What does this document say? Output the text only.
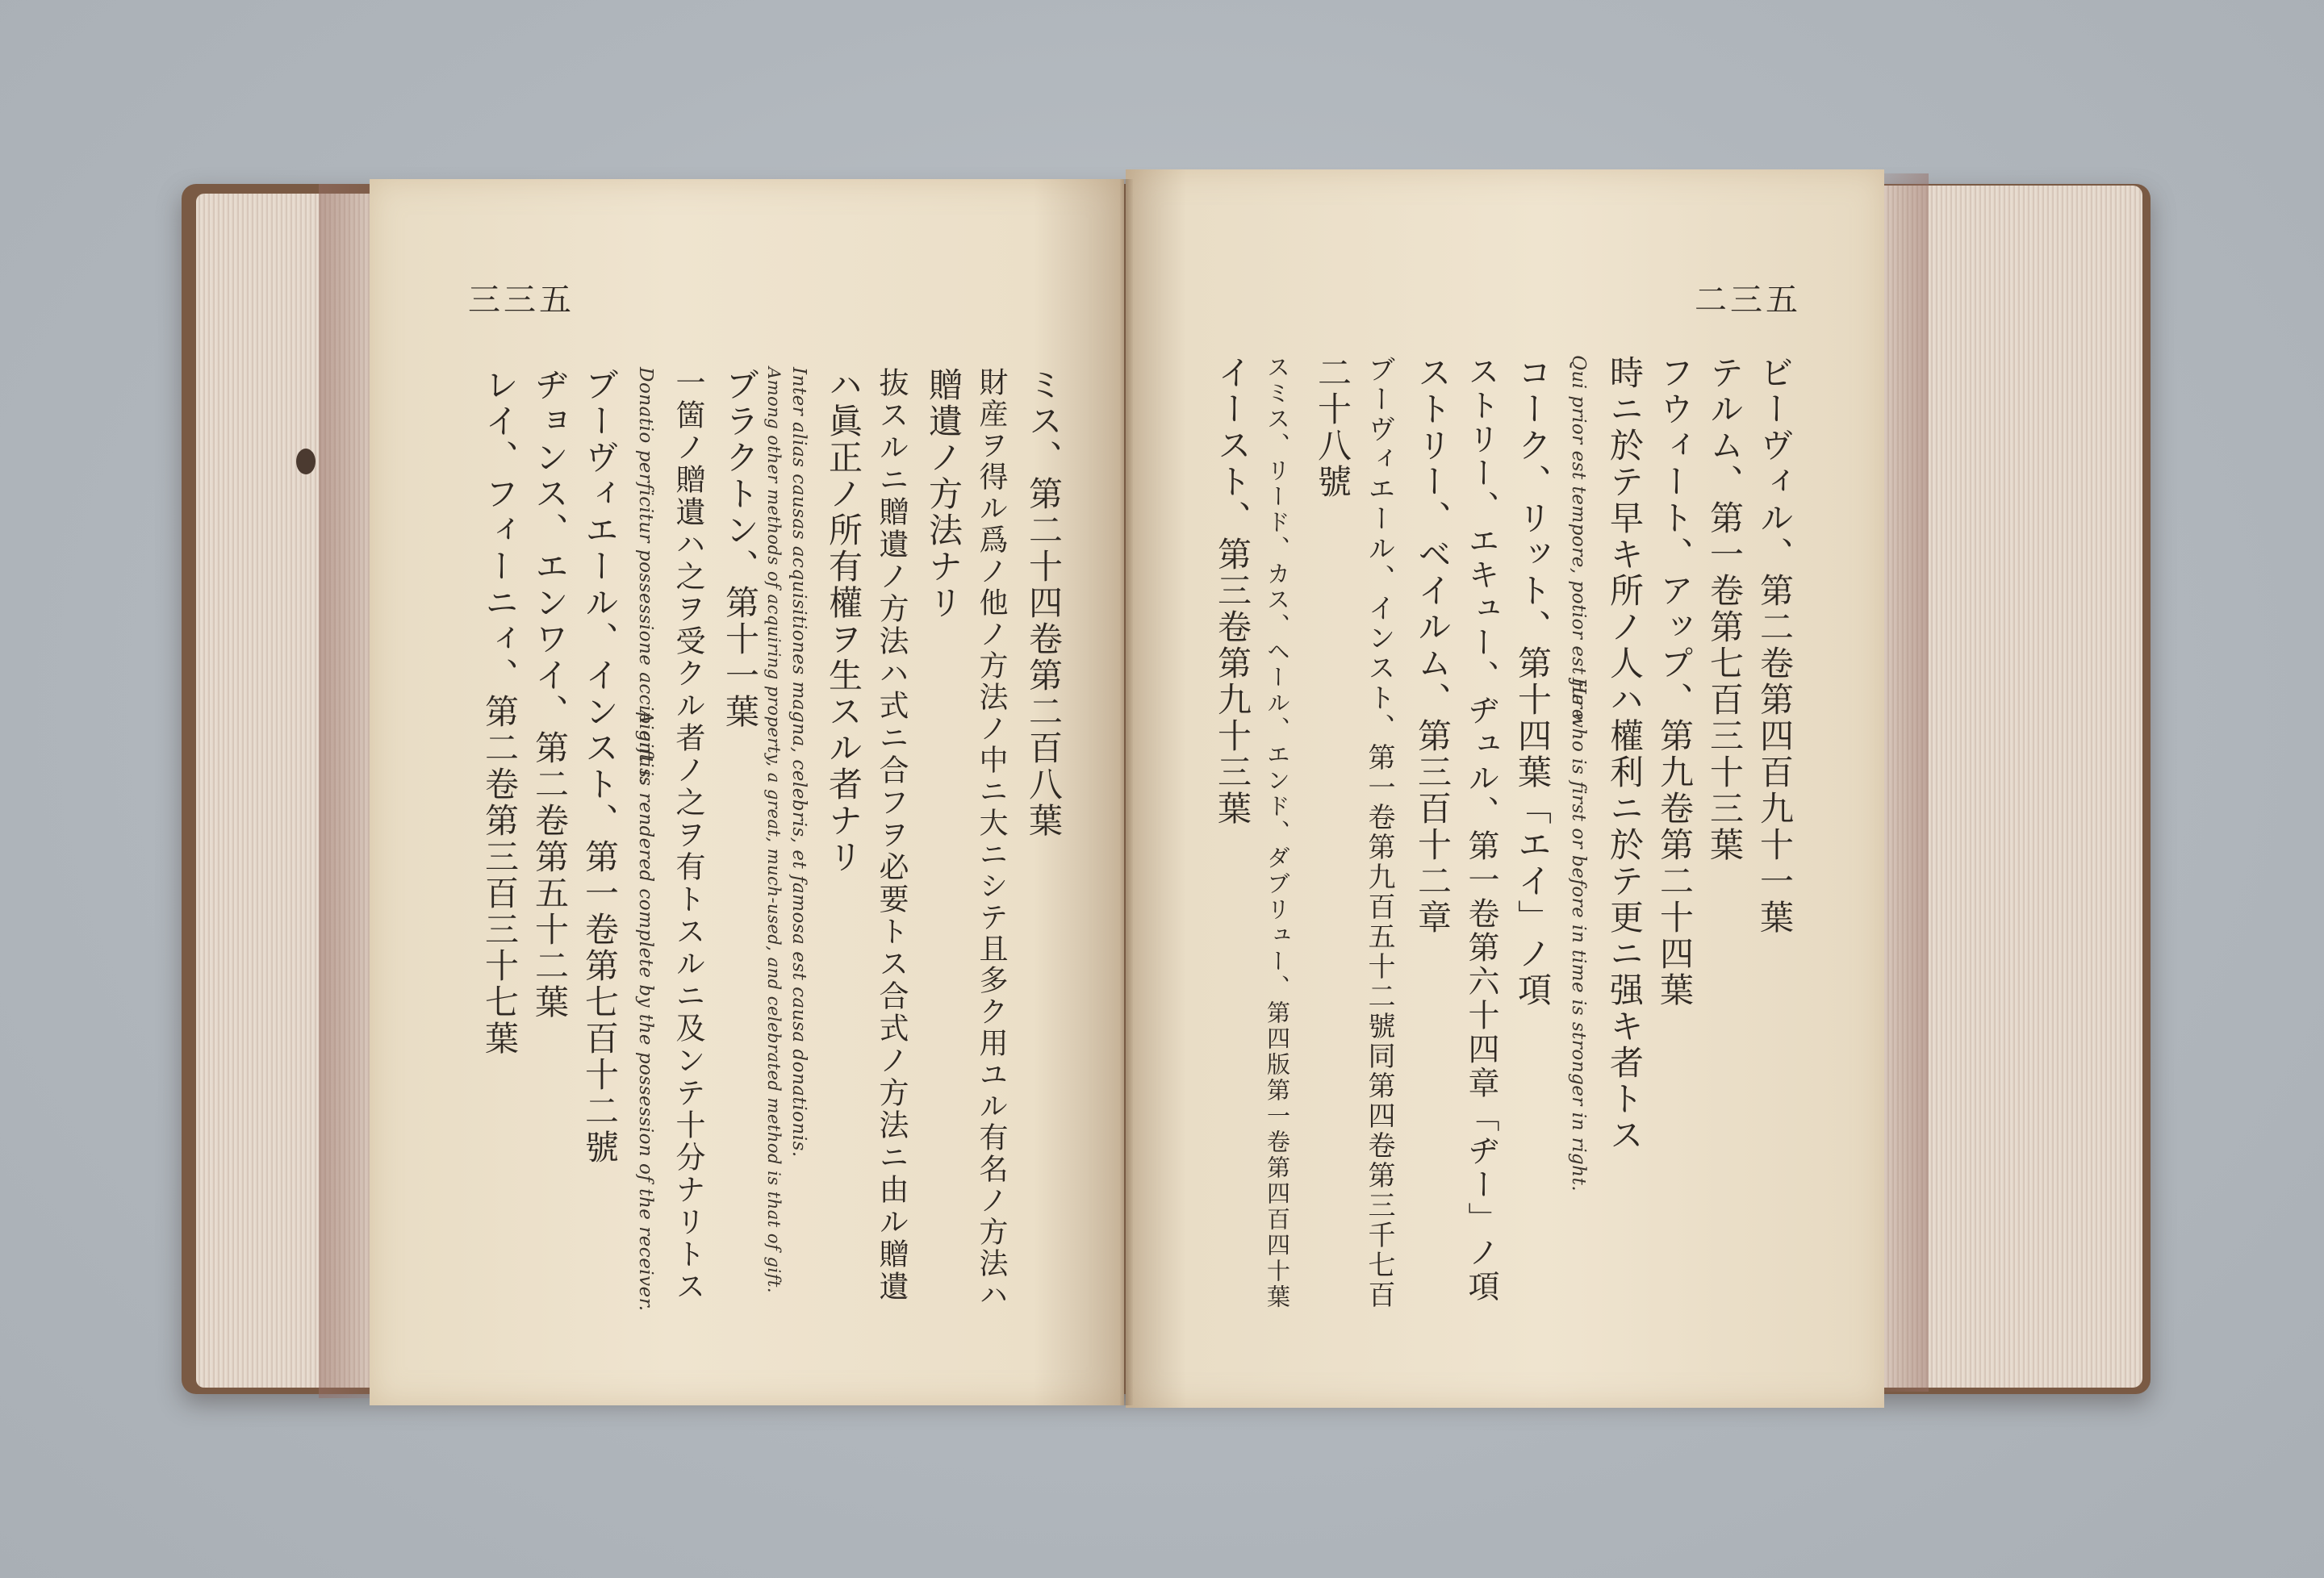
三三五
ミス、第二十四卷第二百八葉
財産ヲ得ル爲ノ他ノ方法ノ中ニ大ニシテ且多ク用ユル有名ノ方法ハ
贈遺ノ方法ナリ
抜スルニ贈遺ノ方法ハ式ニ合フヲ必要トス合式ノ方法ニ由ル贈遺
ハ眞正ノ所有權ヲ生スル者ナリ
Inter alias causas acquisitiones magna, celebris, et famosa est causa donationis.
Among other methods of acquiring property, a great, much-used, and celebrated method is that of gift.
ブラクトン、第十一葉
一箇ノ贈遺ハ之ヲ受クル者ノ之ヲ有トスルニ及ンテ十分ナリトス
Donatio perficitur possessione accipientis.
A gift is rendered complete by the possession of the receiver.
ブーヴィエール、インスト、第一卷第七百十二號
ヂョンス、エンワイ、第二卷第五十二葉
レイ、フィーニィ、第二卷第三百三十七葉
二三五
ビーヴィル、第二卷第四百九十一葉
テルム、第一卷第七百三十三葉
フウィート、アップ、第九卷第二十四葉
時ニ於テ早キ所ノ人ハ權利ニ於テ更ニ强キ者トス
Qui prior est tempore, potior est jure.
He who is first or before in time is stronger in right.
コーク、リット、第十四葉「エイ」ノ項
ストリー、エキュー、ヂュル、第一卷第六十四章「ヂー」ノ項
ストリー、ベイルム、第三百十二章
ブーヴィエール、インスト、第一卷第九百五十二號同第四卷第三千七百
二十八號
スミス、リード、カス、ヘール、エンド、ダブリュー、第四版第一卷第四百四十葉
イースト、第三卷第九十三葉
